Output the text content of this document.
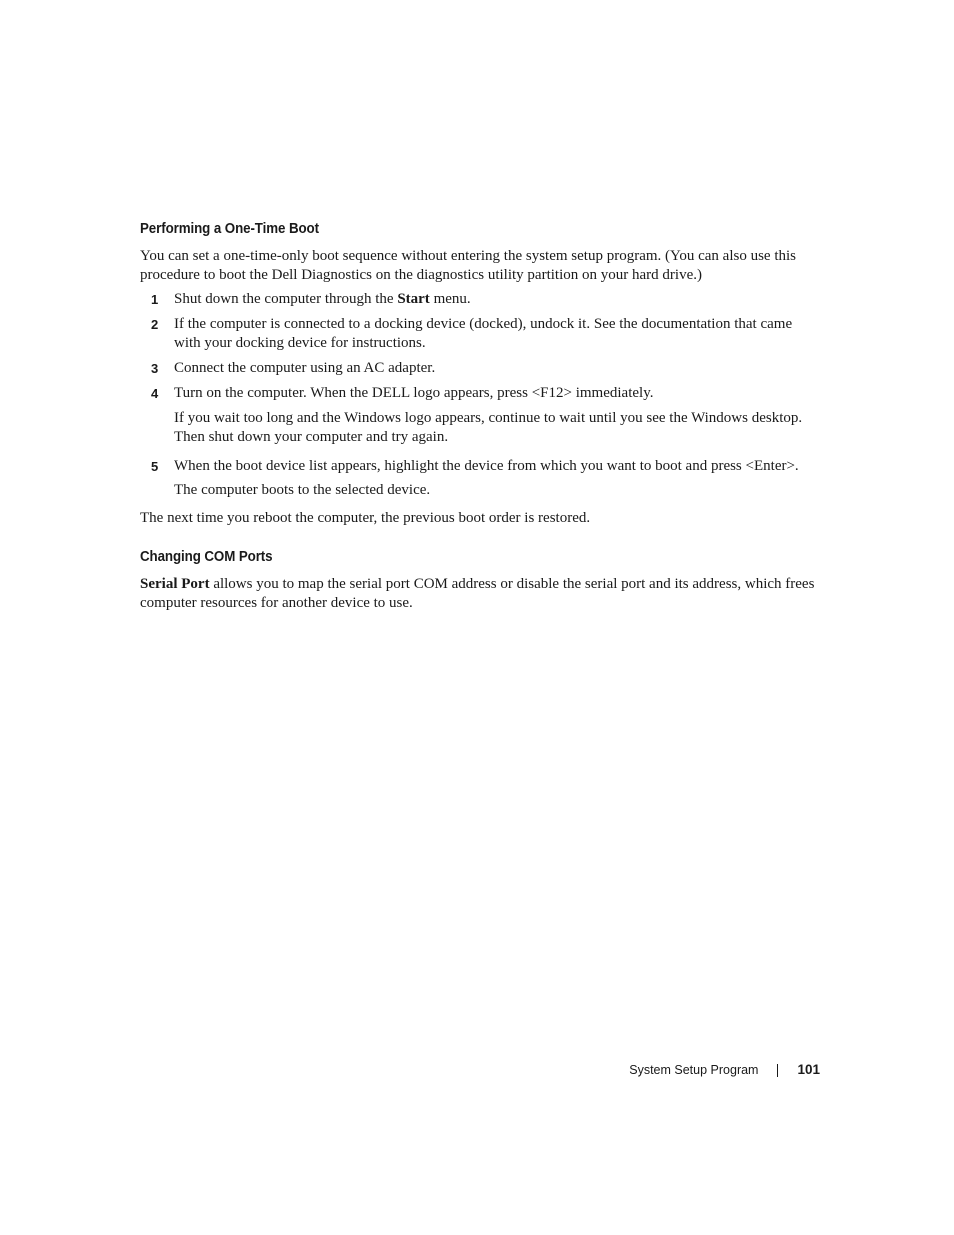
Performing a One-Time Boot

You can set a one-time-only boot sequence without entering the system setup program. (You can also use this procedure to boot the Dell Diagnostics on the diagnostics utility partition on your hard drive.)

1 Shut down the computer through the Start menu.

2 If the computer is connected to a docking device (docked), undock it. See the documentation that came with your docking device for instructions.

3 Connect the computer using an AC adapter.

4 Turn on the computer. When the DELL logo appears, press <F12> immediately.

If you wait too long and the Windows logo appears, continue to wait until you see the Windows desktop. Then shut down your computer and try again.

5 When the boot device list appears, highlight the device from which you want to boot and press <Enter>.

The computer boots to the selected device.

The next time you reboot the computer, the previous boot order is restored.

Changing COM Ports

Serial Port allows you to map the serial port COM address or disable the serial port and its address, which frees computer resources for another device to use.

System Setup Program	101
